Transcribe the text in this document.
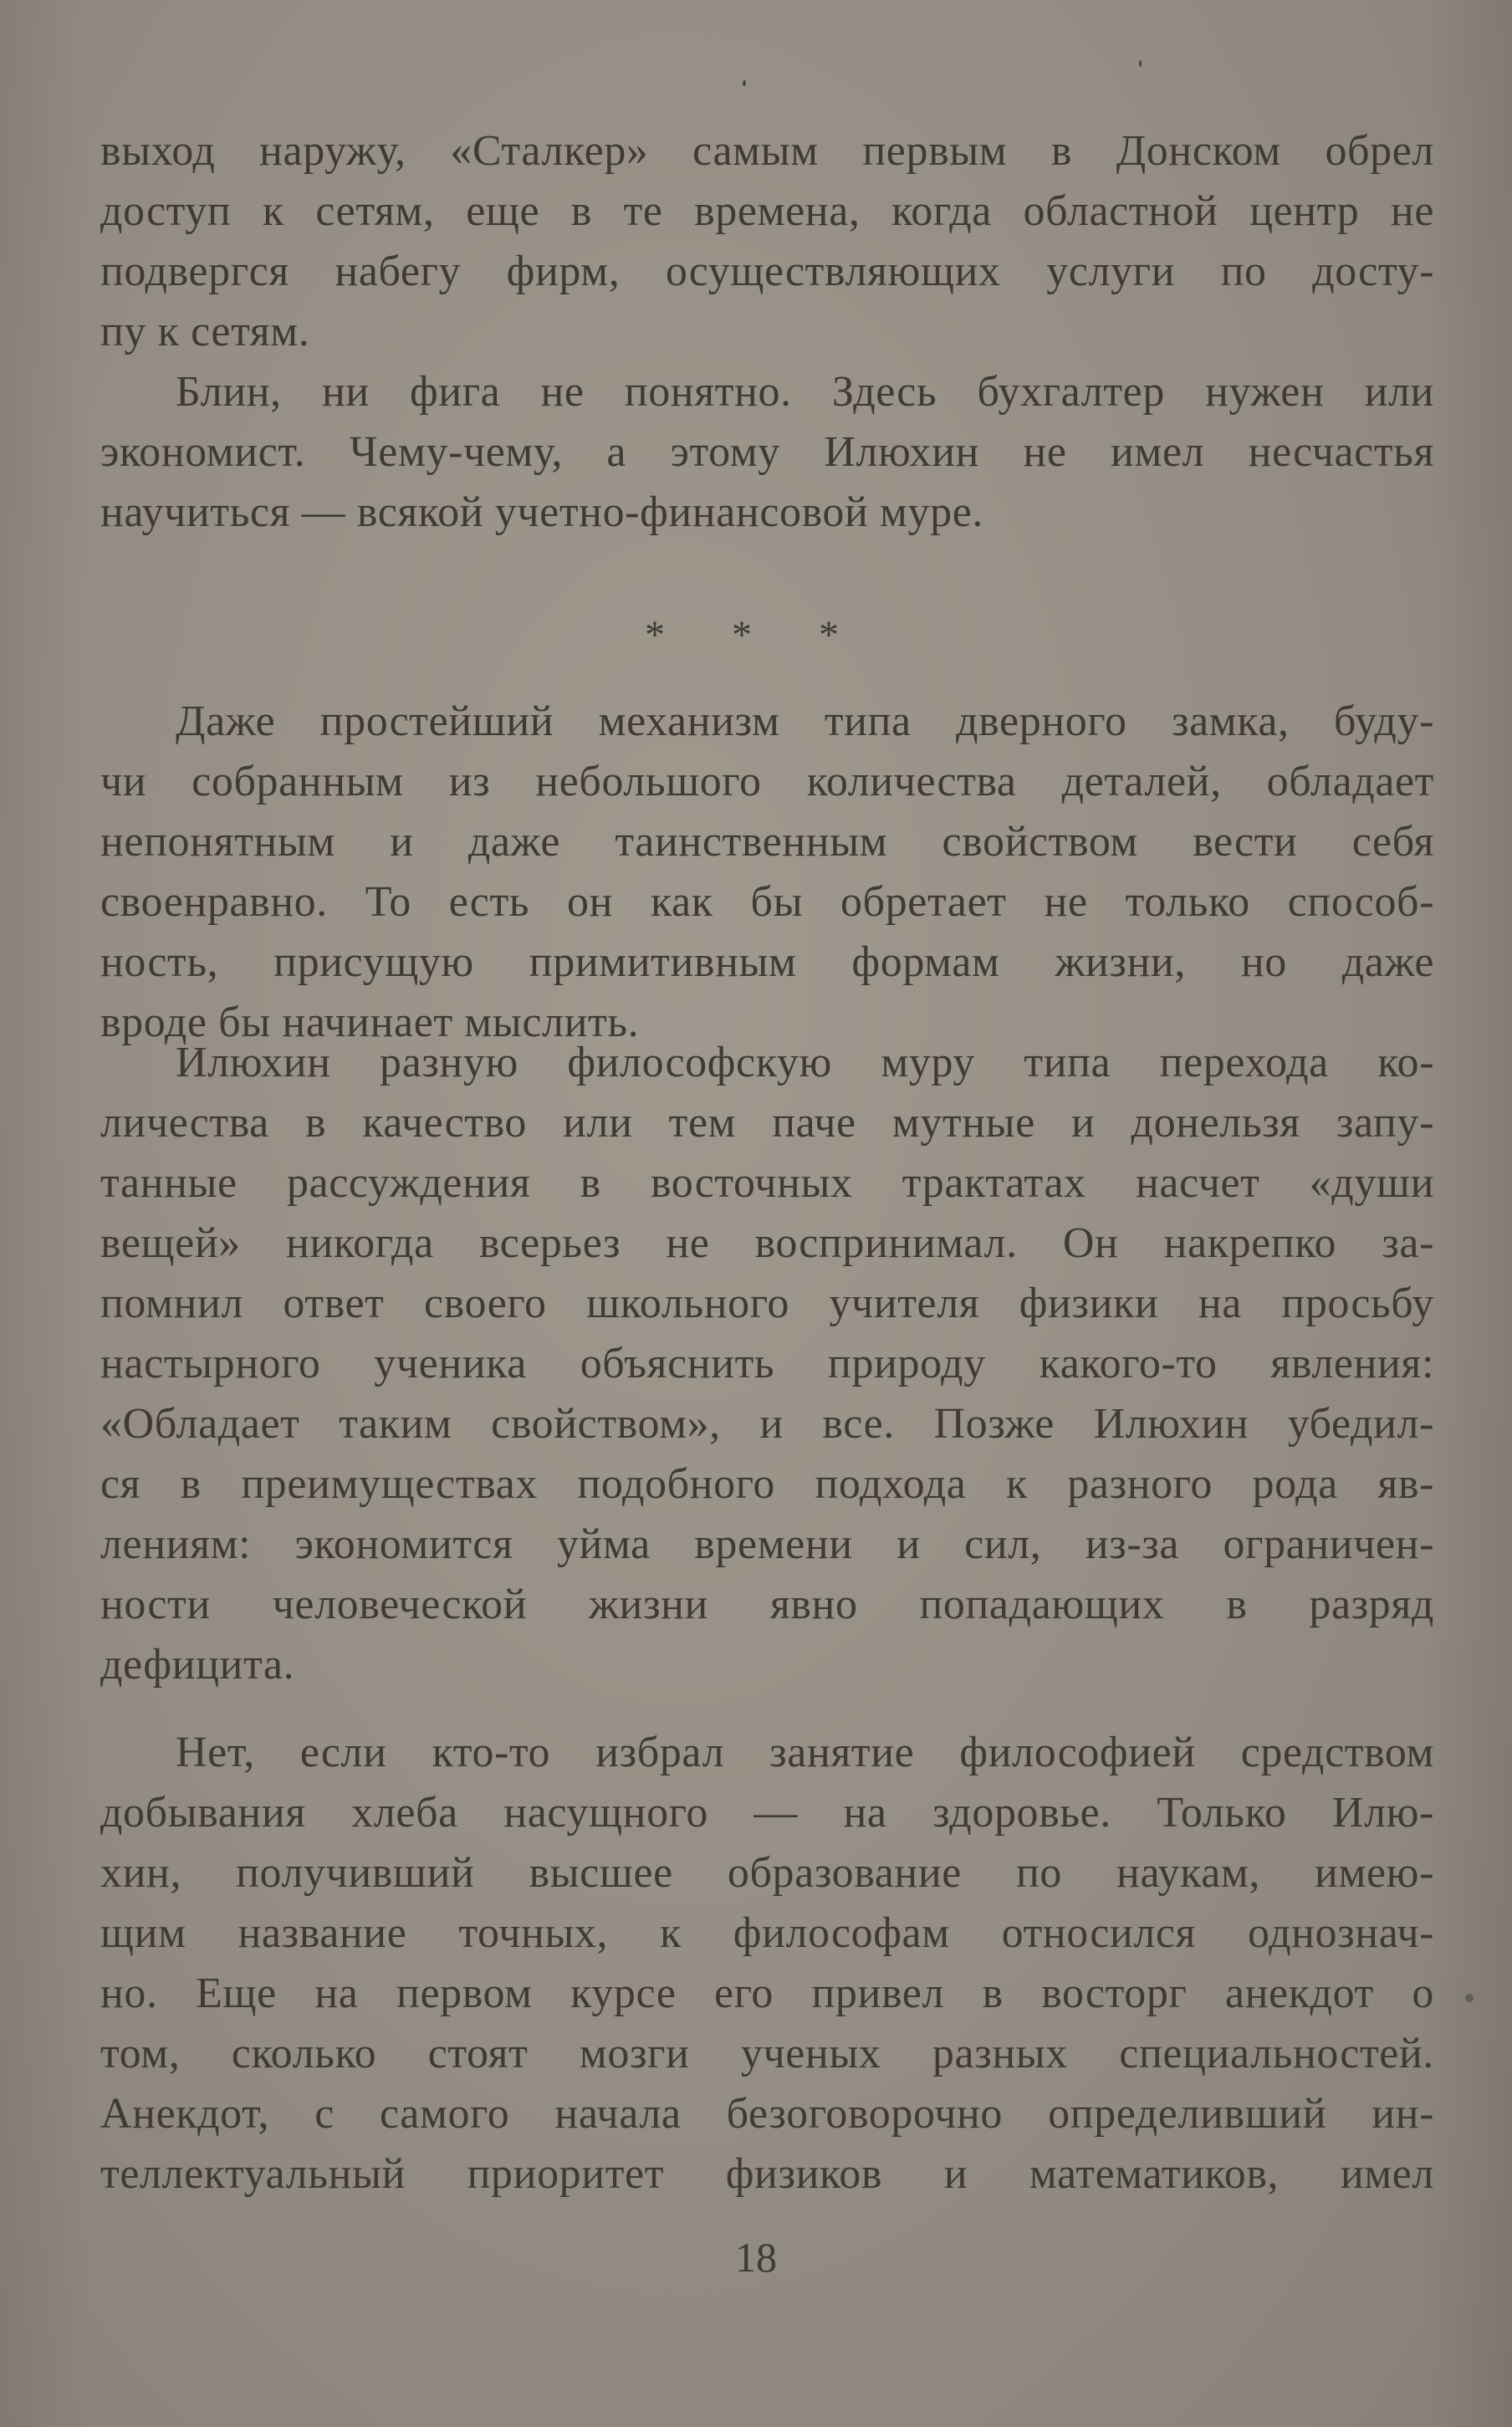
выход наружу, «Сталкер» самым первым в Донском обрел
доступ к сетям, еще в те времена, когда областной центр не
подвергся набегу фирм, осуществляющих услуги по досту-
пу к сетям.
Блин, ни фига не понятно. Здесь бухгалтер нужен или
экономист. Чему-чему, а этому Илюхин не имел несчастья
научиться — всякой учетно-финансовой муре.
* * *
Даже простейший механизм типа дверного замка, буду-
чи собранным из небольшого количества деталей, обладает
непонятным и даже таинственным свойством вести себя
своенравно. То есть он как бы обретает не только способ-
ность, присущую примитивным формам жизни, но даже
вроде бы начинает мыслить.
Илюхин разную философскую муру типа перехода ко-
личества в качество или тем паче мутные и донельзя запу-
танные рассуждения в восточных трактатах насчет «души
вещей» никогда всерьез не воспринимал. Он накрепко за-
помнил ответ своего школьного учителя физики на просьбу
настырного ученика объяснить природу какого-то явления:
«Обладает таким свойством», и все. Позже Илюхин убедил-
ся в преимуществах подобного подхода к разного рода яв-
лениям: экономится уйма времени и сил, из-за ограничен-
ности человеческой жизни явно попадающих в разряд
дефицита.
Нет, если кто-то избрал занятие философией средством
добывания хлеба насущного — на здоровье. Только Илю-
хин, получивший высшее образование по наукам, имею-
щим название точных, к философам относился однознач-
но. Еще на первом курсе его привел в восторг анекдот о
том, сколько стоят мозги ученых разных специальностей.
Анекдот, с самого начала безоговорочно определивший ин-
теллектуальный приоритет физиков и математиков, имел
18
